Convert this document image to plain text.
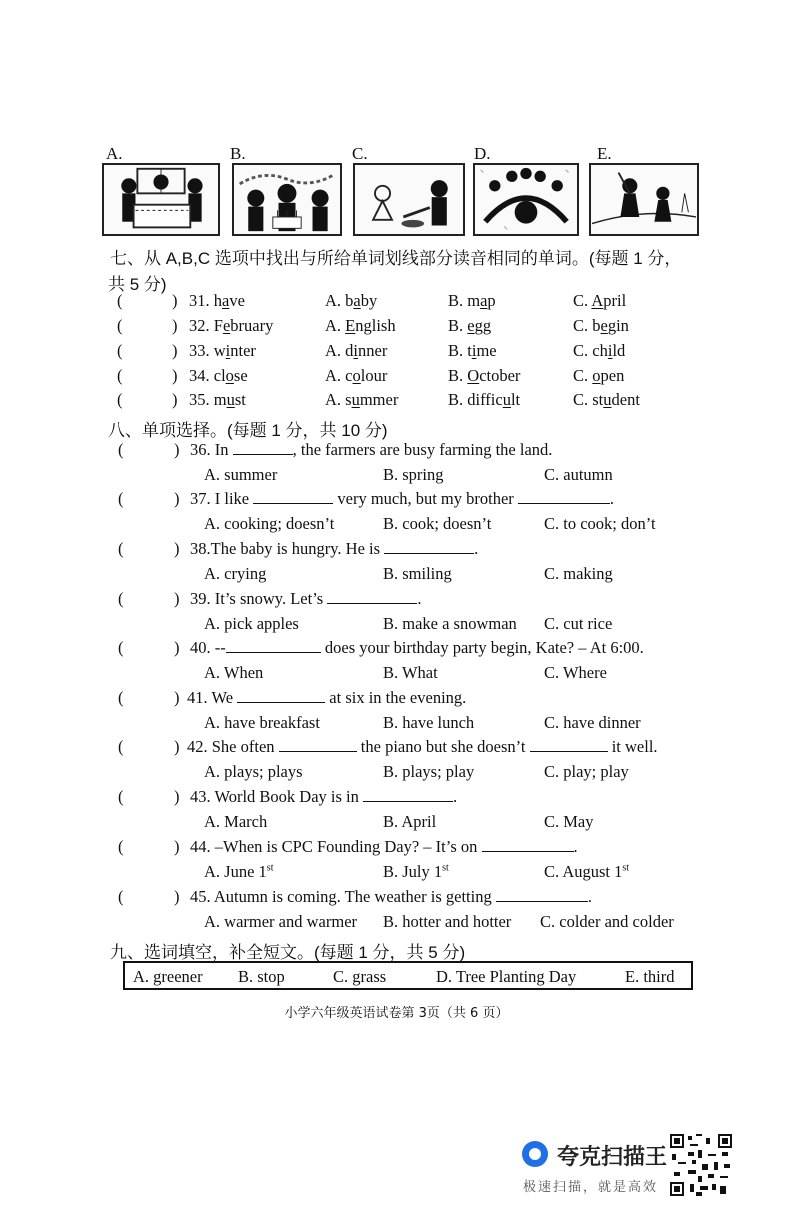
A.	B.	C.	D.	E.
七、从 A,B,C 选项中找出与所给单词划线部分读音相同的单词。(每题 1 分，
共 5 分)
(	) 31. have	A. baby	B. map	C. April
(	) 32. February	A. English	B. egg	C. begin
(	) 33. winter	A. dinner	B. time	C. child
(	) 34. close	A. colour	B. October	C. open
(	) 35. must	A. summer	B. difficult	C. student
八、单项选择。(每题 1 分，共 10 分)
(	) 36. In	, the farmers are busy farming the land.
A. summer	B. spring	C. autumn
(	) 37. I like	very much, but my brother	.
A. cooking; doesn’t	B. cook; doesn’t	C. to cook; don’t
(	) 38.The baby is hungry. He is	.
A. crying	B. smiling	C. making
(	) 39. It’s snowy. Let’s	.
A. pick apples	B. make a snowman C. cut rice
(	) 40. --	does your birthday party begin, Kate? – At 6:00.
A. When	B. What	C. Where
(	) 41. We	at six in the evening.
A. have breakfast	B. have lunch	C. have dinner
(	) 42. She often	the piano but she doesn’t	it well.
A. plays; plays	B. plays; play	C. play; play
(	) 43. World Book Day is in	.
A. March	B. April	C. May
(	) 44. –When is CPC Founding Day? – It’s on	.
A. June 1st	B. July 1st	C. August 1st
(	) 45. Autumn is coming. The weather is getting	.
A. warmer and warmer B. hotter and hotter C. colder and colder
九、选词填空，补全短文。(每题 1 分，共 5 分)
A. greener B. stop	C. grass	D. Tree Planting Day	E. third
小学六年级英语试卷第 3页（共 6 页）
夸克扫描王
极速扫描，就是高效
